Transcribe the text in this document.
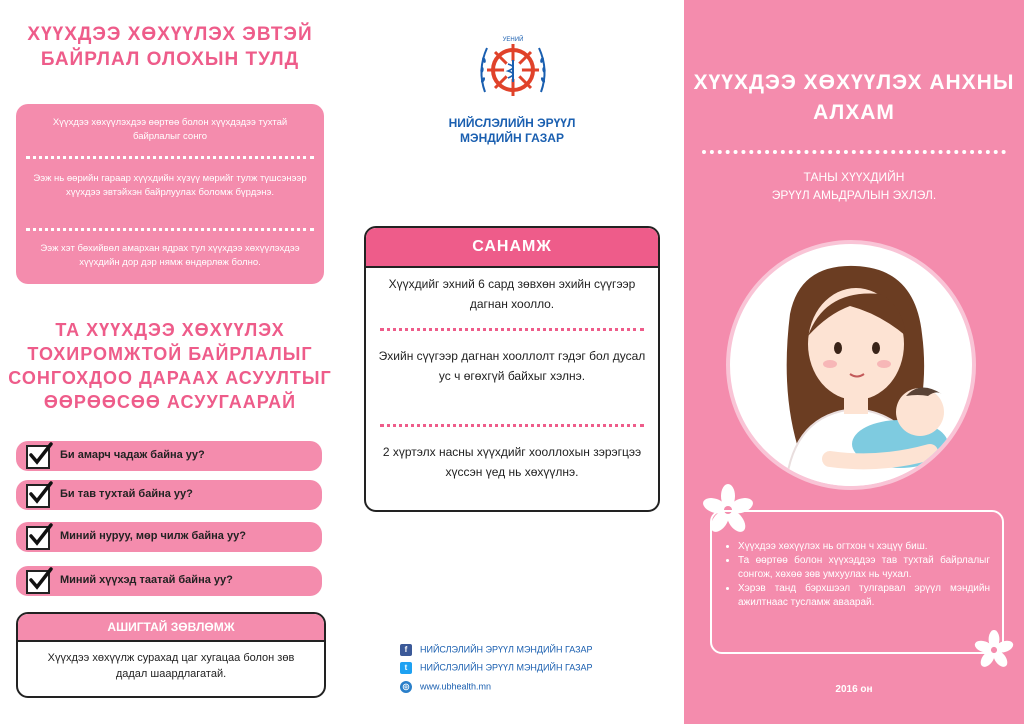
ХҮҮХДЭЭ ХӨХҮҮЛЭХ ЭВТЭЙ БАЙРЛАЛ ОЛОХЫН ТУЛД

Хүүхдээ хөхүүлэхдээ өөртөө болон хүүхдэдээ тухтай байрлалыг сонго
Ээж нь өөрийн гараар хүүхдийн хүзүү мөрийг тулж түшсэнээр хүүхдээ эвтэйхэн байрлуулах боломж бүрдэнэ.
Ээж хэт бөхийвөл амархан ядрах тул хүүхдээ хөхүүлэхдээ хүүхдийн дор дэр нямж өндөрлөж болно.

ТА ХҮҮХДЭЭ ХӨХҮҮЛЭХ ТОХИРОМЖТОЙ БАЙРЛАЛЫГ СОНГОХДОО ДАРААХ АСУУЛТЫГ ӨӨРӨӨСӨӨ АСУУГААРАЙ

Би амарч чадаж байна уу?
Би тав тухтай байна уу?
Миний нуруу, мөр чилж байна уу?
Миний хүүхэд таатай байна уу?
АШИГТАЙ ЗӨВЛӨМЖ
Хүүхдээ хөхүүлж сурахад цаг хугацаа болон зөв дадал шаардлагатай.
УЕНИЙ
НИЙСЛЭЛИЙН ЭРҮҮЛ
МЭНДИЙН ГАЗАР
САНАМЖ
Хүүхдийг эхний 6 сард зөвхөн эхийн сүүгээр дагнан хооллo.
Эхийн сүүгээр дагнан хооллолт гэдэг бол дусал ус ч өгөхгүй байхыг хэлнэ.
2 хүртэлх насны хүүхдийг хооллохын зэрэгцээ хүссэн үед нь хөхүүлнэ.
f НИЙСЛЭЛИЙН ЭРҮҮЛ МЭНДИЙН ГАЗАР
t НИЙСЛЭЛИЙН ЭРҮҮЛ МЭНДИЙН ГАЗАР
◎ www.ubhealth.mn
ХҮҮХДЭЭ ХӨХҮҮЛЭХ АНХНЫ АЛХАМ
ТАНЫ ХҮҮХДИЙН
ЭРҮҮЛ АМЬДРАЛЫН ЭХЛЭЛ.
• Хүүхдээ хөхүүлэх нь огтхон ч хэцүү биш.
• Та өөртөө болон хүүхэддээ тав тухтай байрлалыг сонгож, хөхөө зөв умхуулах нь чухал.
• Хэрэв танд бэрхшээл тулгарвал эрүүл мэндийн ажилтнаас тусламж аваарай.
2016 он
